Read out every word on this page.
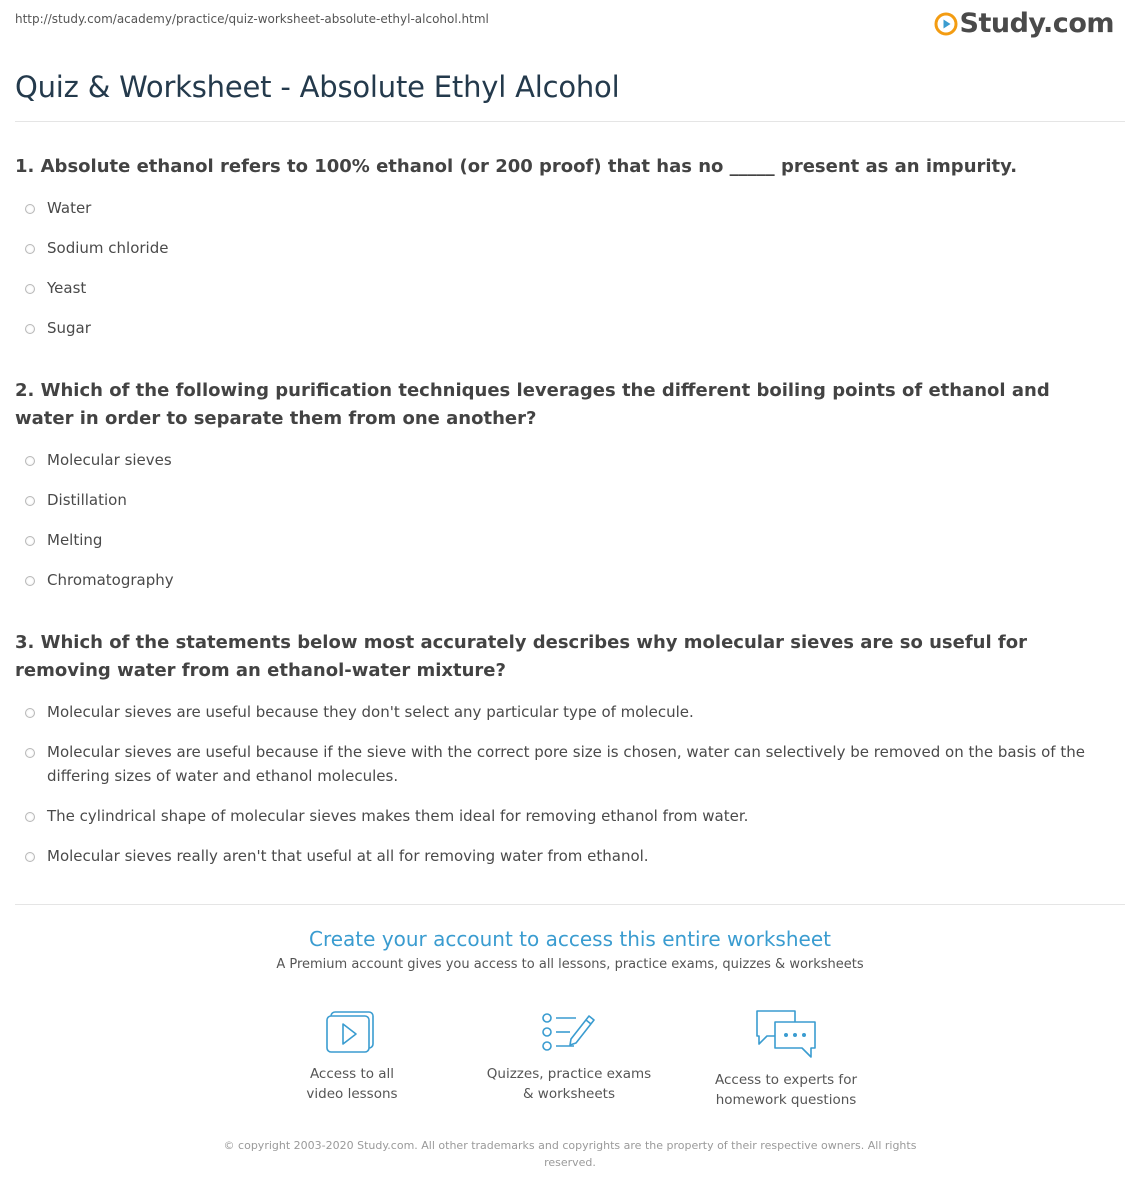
http://study.com/academy/practice/quiz-worksheet-absolute-ethyl-alcohol.html	Study.com
Quiz & Worksheet - Absolute Ethyl Alcohol
1. Absolute ethanol refers to 100% ethanol (or 200 proof) that has no _____ present as an impurity.
Water
Sodium chloride
Yeast
Sugar
2. Which of the following purification techniques leverages the different boiling points of ethanol and water in order to separate them from one another?
Molecular sieves
Distillation
Melting
Chromatography
3. Which of the statements below most accurately describes why molecular sieves are so useful for removing water from an ethanol-water mixture?
Molecular sieves are useful because they don't select any particular type of molecule.
Molecular sieves are useful because if the sieve with the correct pore size is chosen, water can selectively be removed on the basis of the differing sizes of water and ethanol molecules.
The cylindrical shape of molecular sieves makes them ideal for removing ethanol from water.
Molecular sieves really aren't that useful at all for removing water from ethanol.
Create your account to access this entire worksheet
A Premium account gives you access to all lessons, practice exams, quizzes & worksheets
Access to all
video lessons
Quizzes, practice exams
& worksheets
Access to experts for
homework questions
© copyright 2003-2020 Study.com. All other trademarks and copyrights are the property of their respective owners. All rights reserved.
